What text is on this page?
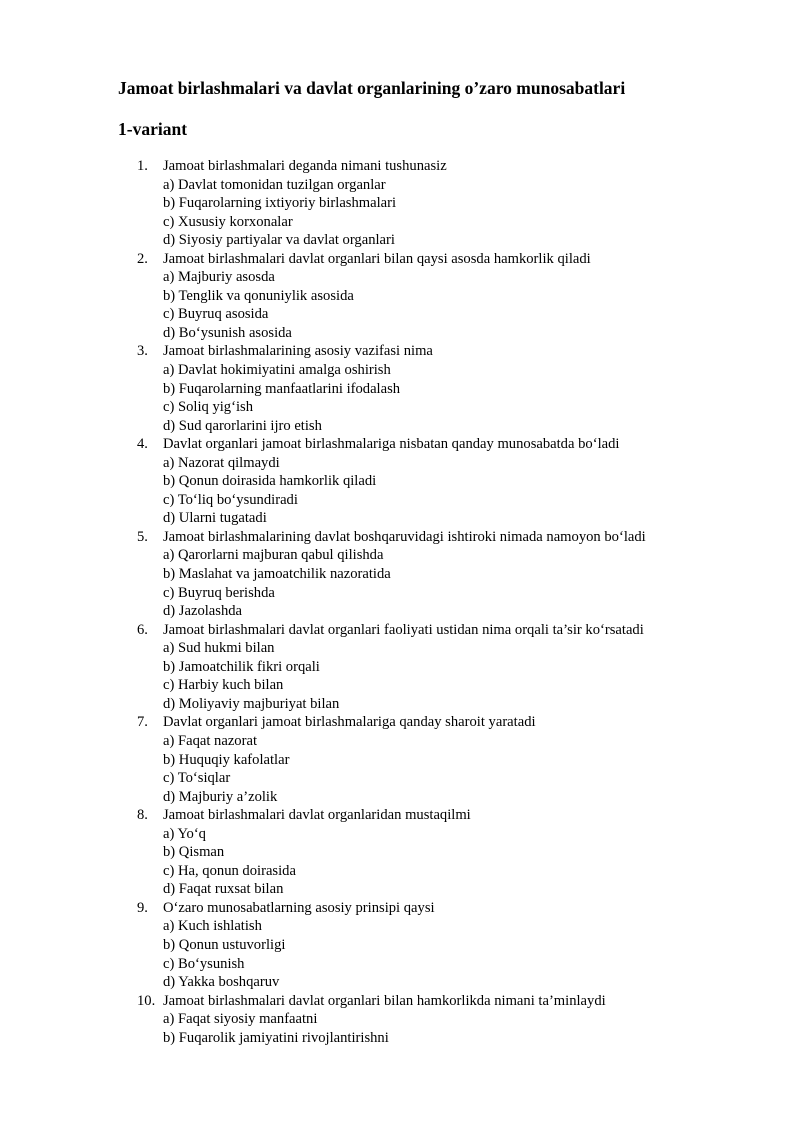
Jamoat birlashmalari va davlat organlarining o’zaro munosabatlari
1-variant
1. Jamoat birlashmalari deganda nimani tushunasiz
a) Davlat tomonidan tuzilgan organlar
b) Fuqarolarning ixtiyoriy birlashmalari
c) Xususiy korxonalar
d) Siyosiy partiyalar va davlat organlari
2. Jamoat birlashmalari davlat organlari bilan qaysi asosda hamkorlik qiladi
a) Majburiy asosda
b) Tenglik va qonuniylik asosida
c) Buyruq asosida
d) Bo‘ysunish asosida
3. Jamoat birlashmalarining asosiy vazifasi nima
a) Davlat hokimiyatini amalga oshirish
b) Fuqarolarning manfaatlarini ifodalash
c) Soliq yig‘ish
d) Sud qarorlarini ijro etish
4. Davlat organlari jamoat birlashmalariga nisbatan qanday munosabatda bo‘ladi
a) Nazorat qilmaydi
b) Qonun doirasida hamkorlik qiladi
c) To‘liq bo‘ysundiradi
d) Ularni tugatadi
5. Jamoat birlashmalarining davlat boshqaruvidagi ishtiroki nimada namoyon bo‘ladi
a) Qarorlarni majburan qabul qilishda
b) Maslahat va jamoatchilik nazoratida
c) Buyruq berishda
d) Jazolashda
6. Jamoat birlashmalari davlat organlari faoliyati ustidan nima orqali ta’sir ko‘rsatadi
a) Sud hukmi bilan
b) Jamoatchilik fikri orqali
c) Harbiy kuch bilan
d) Moliyaviy majburiyat bilan
7. Davlat organlari jamoat birlashmalariga qanday sharoit yaratadi
a) Faqat nazorat
b) Huquqiy kafolatlar
c) To‘siqlar
d) Majburiy a’zolik
8. Jamoat birlashmalari davlat organlaridan mustaqilmi
a) Yo‘q
b) Qisman
c) Ha, qonun doirasida
d) Faqat ruxsat bilan
9. O‘zaro munosabatlarning asosiy prinsipi qaysi
a) Kuch ishlatish
b) Qonun ustuvorligi
c) Bo‘ysunish
d) Yakka boshqaruv
10. Jamoat birlashmalari davlat organlari bilan hamkorlikda nimani ta’minlaydi
a) Faqat siyosiy manfaatni
b) Fuqarolik jamiyatini rivojlantirishni
